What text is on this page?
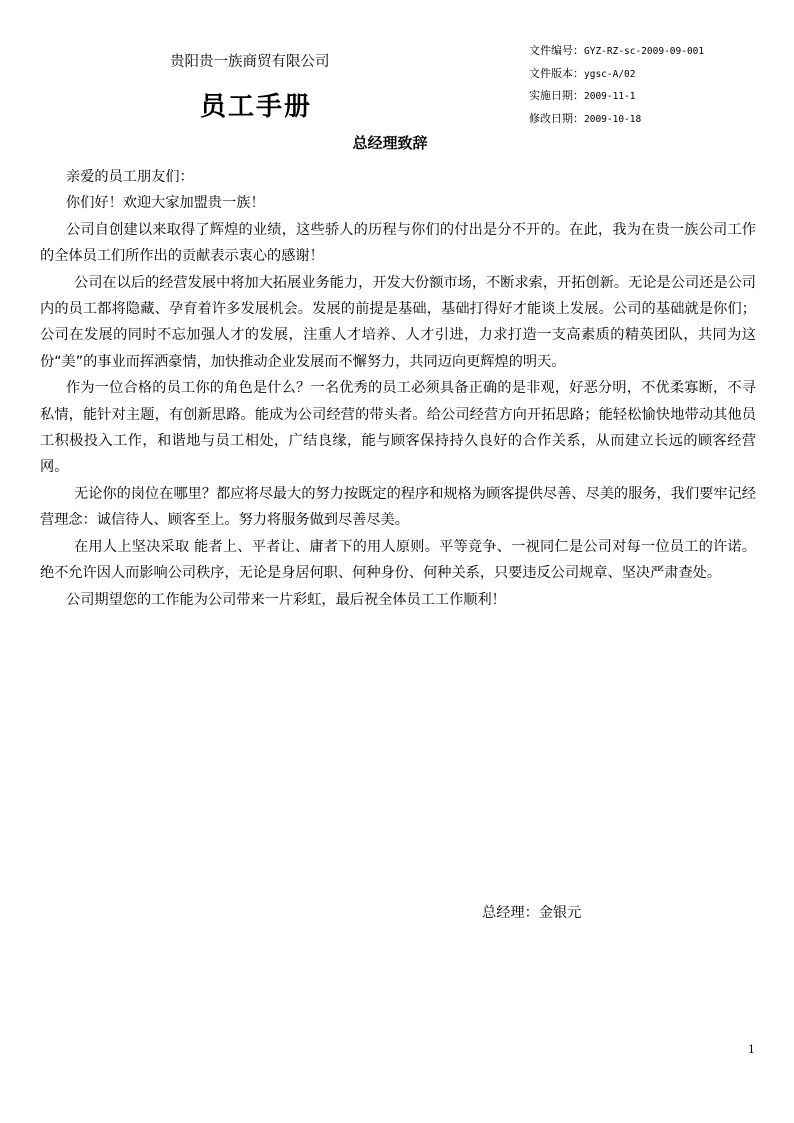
贵阳贵一族商贸有限公司
员工手册
文件编号：GYZ-RZ-sc-2009-09-001
文件版本：ygsc-A/02
实施日期：2009-11-1
修改日期：2009-10-18
总经理致辞

亲爱的员工朋友们：

你们好！欢迎大家加盟贵一族！

公司自创建以来取得了辉煌的业绩，这些骄人的历程与你们的付出是分不开的。在此，我为在贵一族公司工作的全体员工们所作出的贡献表示衷心的感谢！

公司在以后的经营发展中将加大拓展业务能力，开发大份额市场，不断求索，开拓创新。无论是公司还是公司内的员工都将隐藏、孕育着许多发展机会。发展的前提是基础，基础打得好才能谈上发展。公司的基础就是你们；公司在发展的同时不忘加强人才的发展，注重人才培养、人才引进，力求打造一支高素质的精英团队，共同为这份“美”的事业而挥洒豪情，加快推动企业发展而不懈努力，共同迈向更辉煌的明天。

作为一位合格的员工你的角色是什么？一名优秀的员工必须具备正确的是非观，好恶分明，不优柔寡断，不寻私情，能针对主题，有创新思路。能成为公司经营的带头者。给公司经营方向开拓思路；能轻松愉快地带动其他员工积极投入工作，和谐地与员工相处，广结良缘，能与顾客保持持久良好的合作关系，从而建立长远的顾客经营网。

无论你的岗位在哪里？都应将尽最大的努力按既定的程序和规格为顾客提供尽善、尽美的服务，我们要牢记经营理念：诚信待人、顾客至上。努力将服务做到尽善尽美。

在用人上坚决采取 能者上、平者让、庸者下的用人原则。平等竞争、一视同仁是公司对每一位员工的许诺。绝不允许因人而影响公司秩序，无论是身居何职、何种身份、何种关系，只要违反公司规章、坚决严肃查处。

公司期望您的工作能为公司带来一片彩虹，最后祝全体员工工作顺利！

总经理：金银元
1
